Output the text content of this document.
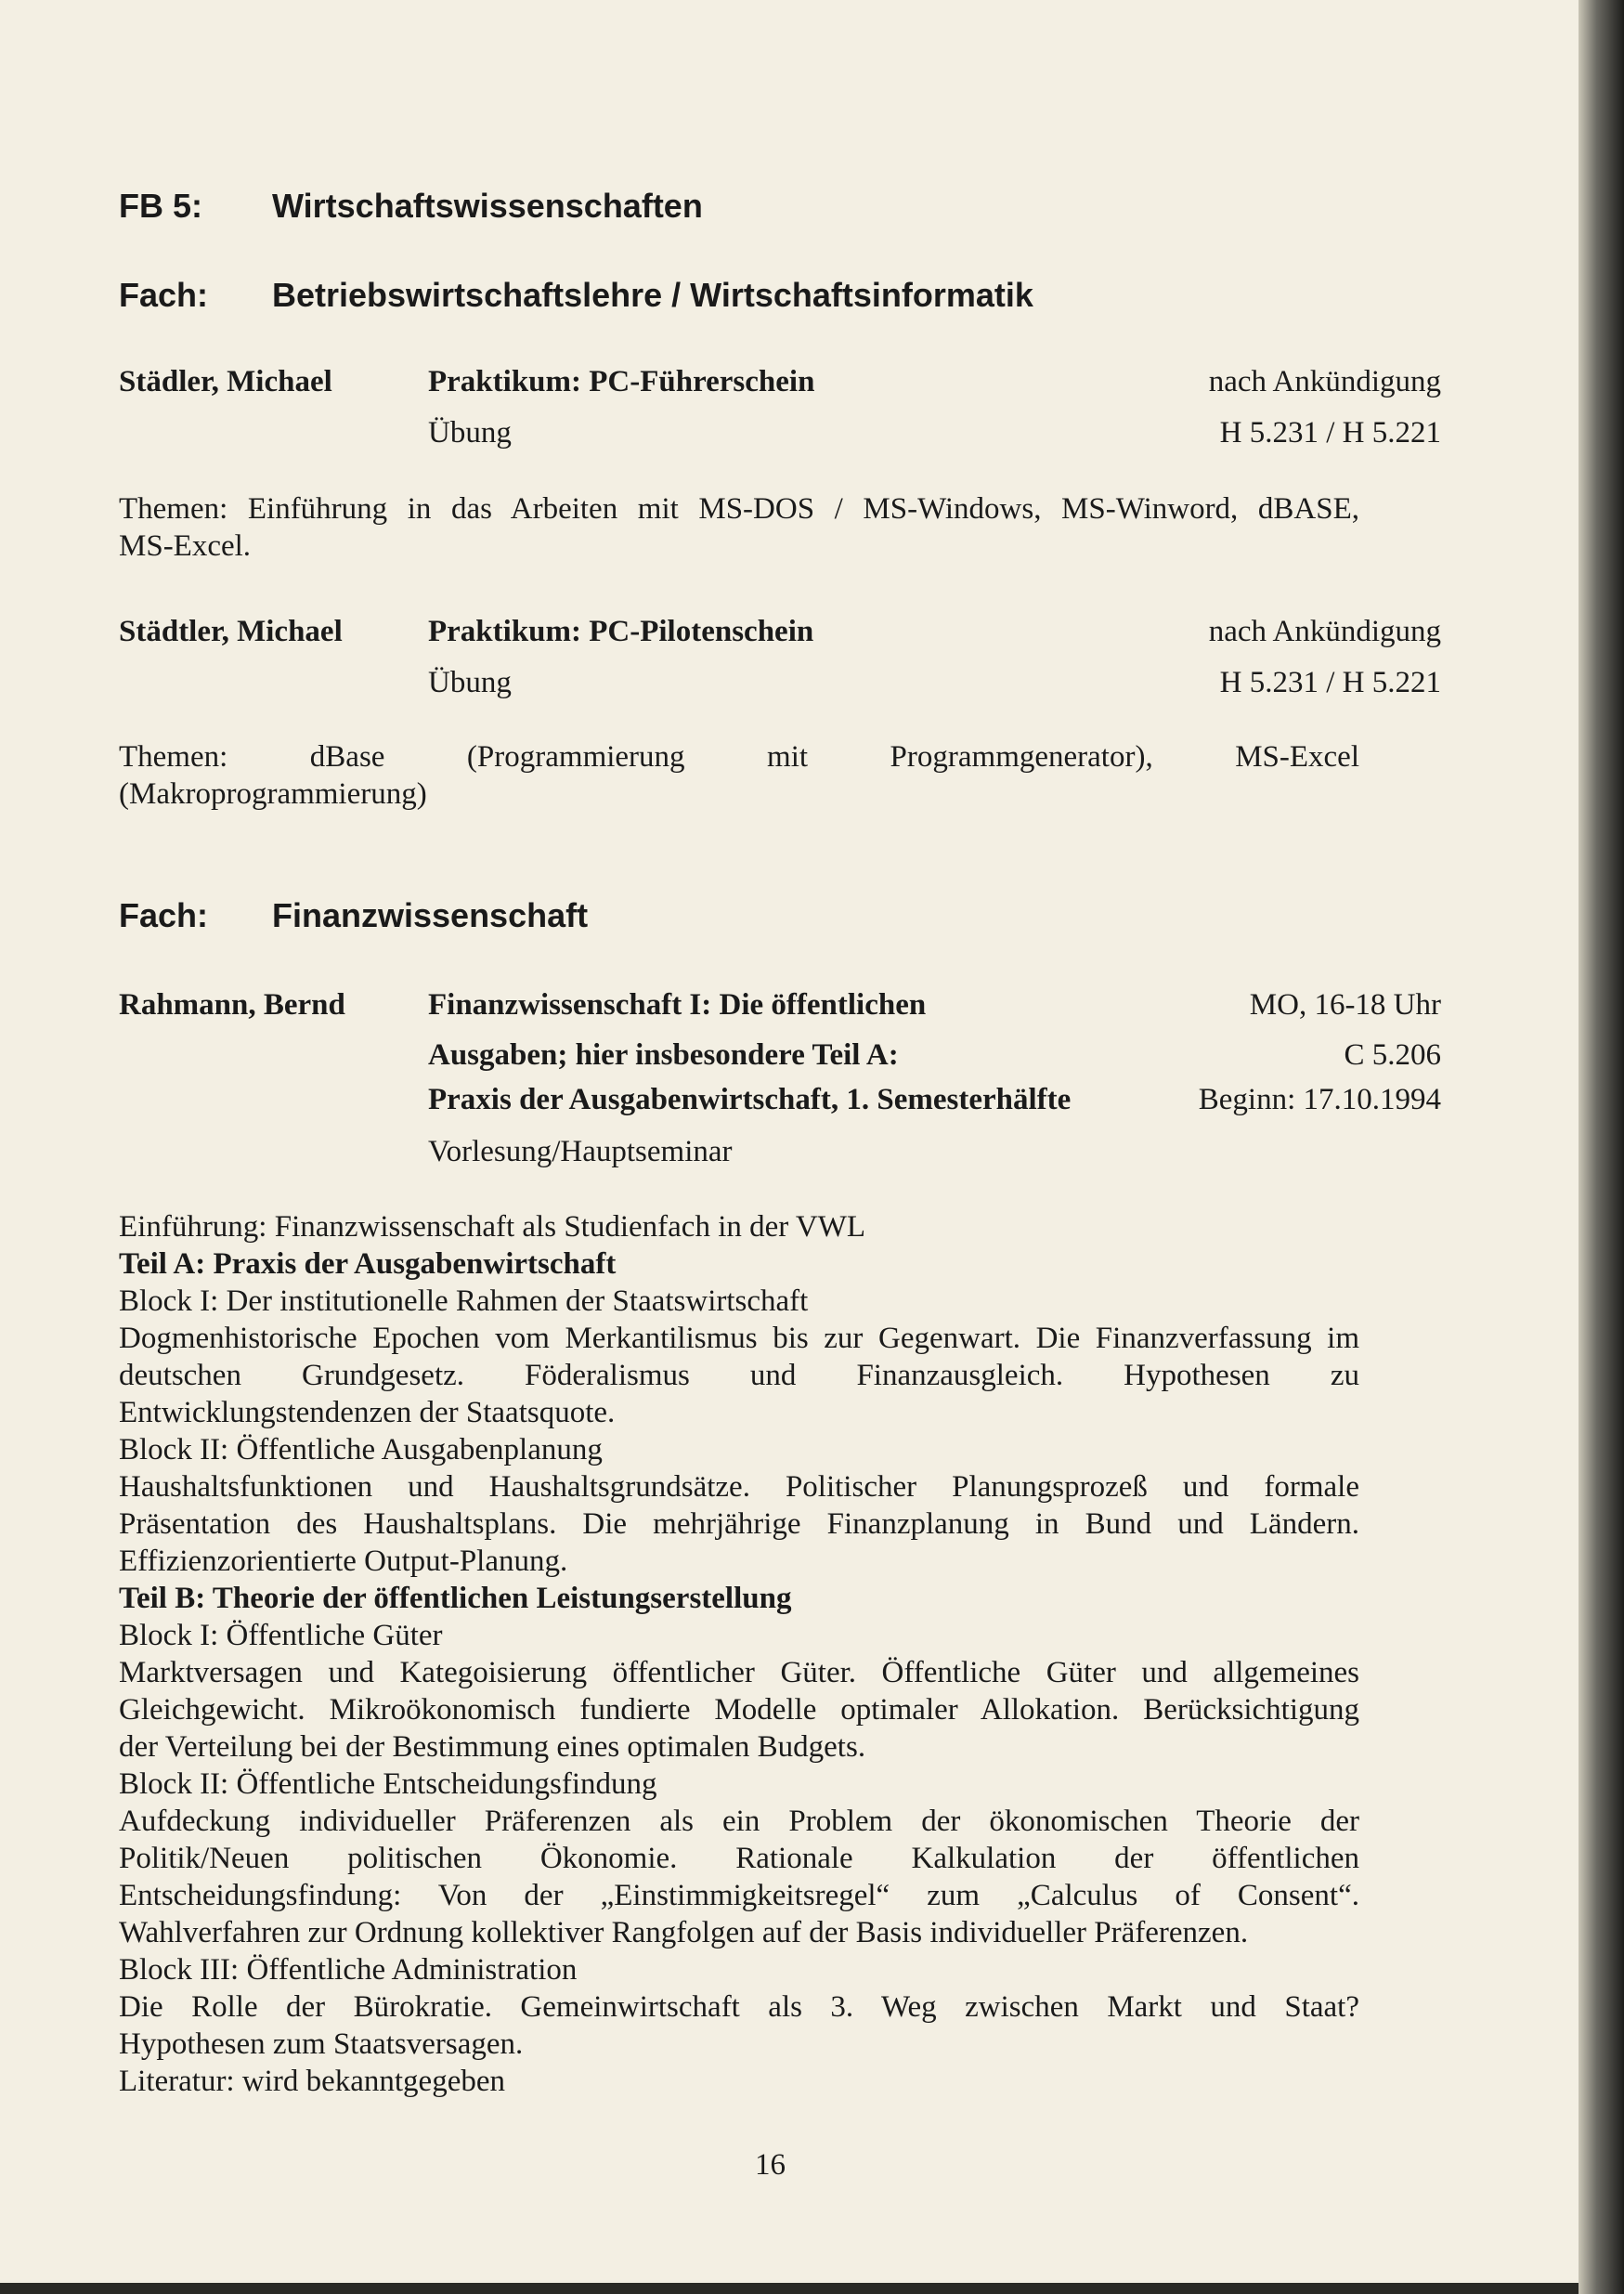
FB 5: Wirtschaftswissenschaften
Fach: Betriebswirtschaftslehre / Wirtschaftsinformatik
Städler, Michael	Praktikum: PC-Führerschein	nach Ankündigung
Übung	H 5.231 / H 5.221
Themen: Einführung in das Arbeiten mit MS-DOS / MS-Windows, MS-Winword, dBASE,
MS-Excel.
Städtler, Michael	Praktikum: PC-Pilotenschein	nach Ankündigung
Übung	H 5.231 / H 5.221
Themen: dBase (Programmierung mit Programmgenerator), MS-Excel
(Makroprogrammierung)
Fach: Finanzwissenschaft
Rahmann, Bernd	Finanzwissenschaft I: Die öffentlichen	MO, 16-18 Uhr
Ausgaben; hier insbesondere Teil A:	C 5.206
Praxis der Ausgabenwirtschaft, 1. Semesterhälfte	Beginn: 17.10.1994
Vorlesung/Hauptseminar
Einführung: Finanzwissenschaft als Studienfach in der VWL
Teil A: Praxis der Ausgabenwirtschaft
Block I: Der institutionelle Rahmen der Staatswirtschaft
Dogmenhistorische Epochen vom Merkantilismus bis zur Gegenwart. Die Finanzverfassung im
deutschen Grundgesetz. Föderalismus und Finanzausgleich. Hypothesen zu
Entwicklungstendenzen der Staatsquote.
Block II: Öffentliche Ausgabenplanung
Haushaltsfunktionen und Haushaltsgrundsätze. Politischer Planungsprozeß und formale
Präsentation des Haushaltsplans. Die mehrjährige Finanzplanung in Bund und Ländern.
Effizienzorientierte Output-Planung.
Teil B: Theorie der öffentlichen Leistungserstellung
Block I: Öffentliche Güter
Marktversagen und Kategoisierung öffentlicher Güter. Öffentliche Güter und allgemeines
Gleichgewicht. Mikroökonomisch fundierte Modelle optimaler Allokation. Berücksichtigung
der Verteilung bei der Bestimmung eines optimalen Budgets.
Block II: Öffentliche Entscheidungsfindung
Aufdeckung individueller Präferenzen als ein Problem der ökonomischen Theorie der
Politik/Neuen politischen Ökonomie. Rationale Kalkulation der öffentlichen
Entscheidungsfindung: Von der „Einstimmigkeitsregel“ zum „Calculus of Consent“.
Wahlverfahren zur Ordnung kollektiver Rangfolgen auf der Basis individueller Präferenzen.
Block III: Öffentliche Administration
Die Rolle der Bürokratie. Gemeinwirtschaft als 3. Weg zwischen Markt und Staat?
Hypothesen zum Staatsversagen.
Literatur: wird bekanntgegeben
16
